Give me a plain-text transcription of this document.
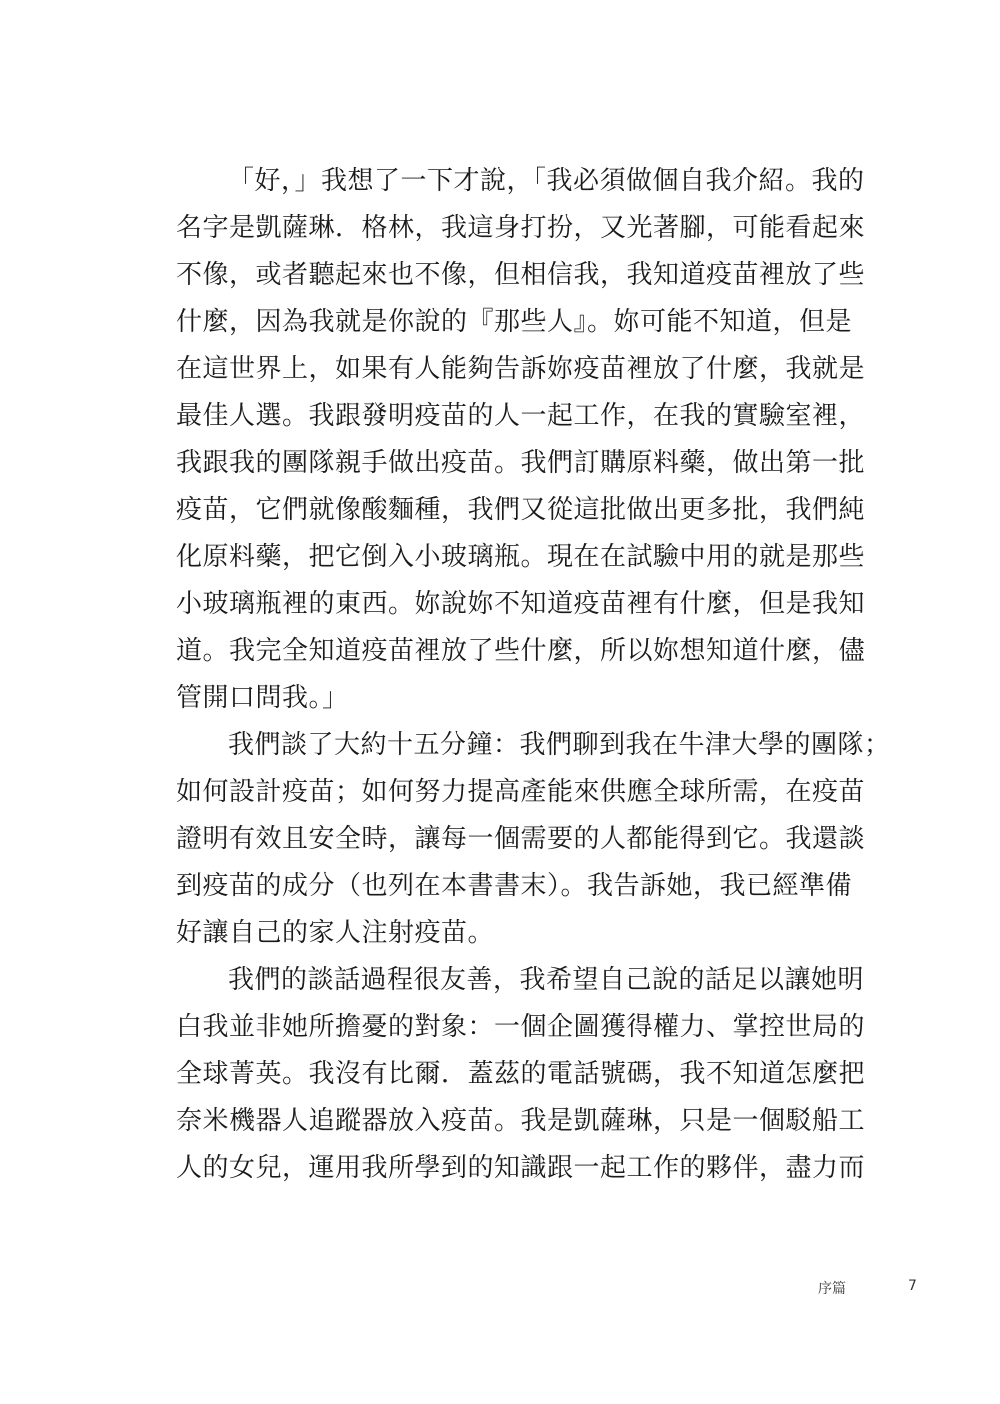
「好，」我想了一下才說，「我必須做個自我介紹。我的
名字是凱薩琳．格林，我這身打扮，又光著腳，可能看起來
不像，或者聽起來也不像，但相信我，我知道疫苗裡放了些
什麼，因為我就是你說的『那些人』。妳可能不知道，但是
在這世界上，如果有人能夠告訴妳疫苗裡放了什麼，我就是
最佳人選。我跟發明疫苗的人一起工作，在我的實驗室裡，
我跟我的團隊親手做出疫苗。我們訂購原料藥，做出第一批
疫苗，它們就像酸麵種，我們又從這批做出更多批，我們純
化原料藥，把它倒入小玻璃瓶。現在在試驗中用的就是那些
小玻璃瓶裡的東西。妳說妳不知道疫苗裡有什麼，但是我知
道。我完全知道疫苗裡放了些什麼，所以妳想知道什麼，儘
管開口問我。」
我們談了大約十五分鐘：我們聊到我在牛津大學的團隊；
如何設計疫苗；如何努力提高產能來供應全球所需，在疫苗
證明有效且安全時，讓每一個需要的人都能得到它。我還談
到疫苗的成分（也列在本書書末）。我告訴她，我已經準備
好讓自己的家人注射疫苗。
我們的談話過程很友善，我希望自己說的話足以讓她明
白我並非她所擔憂的對象：一個企圖獲得權力、掌控世局的
全球菁英。我沒有比爾．蓋茲的電話號碼，我不知道怎麼把
奈米機器人追蹤器放入疫苗。我是凱薩琳，只是一個駁船工
人的女兒，運用我所學到的知識跟一起工作的夥伴，盡力而
序篇	7
